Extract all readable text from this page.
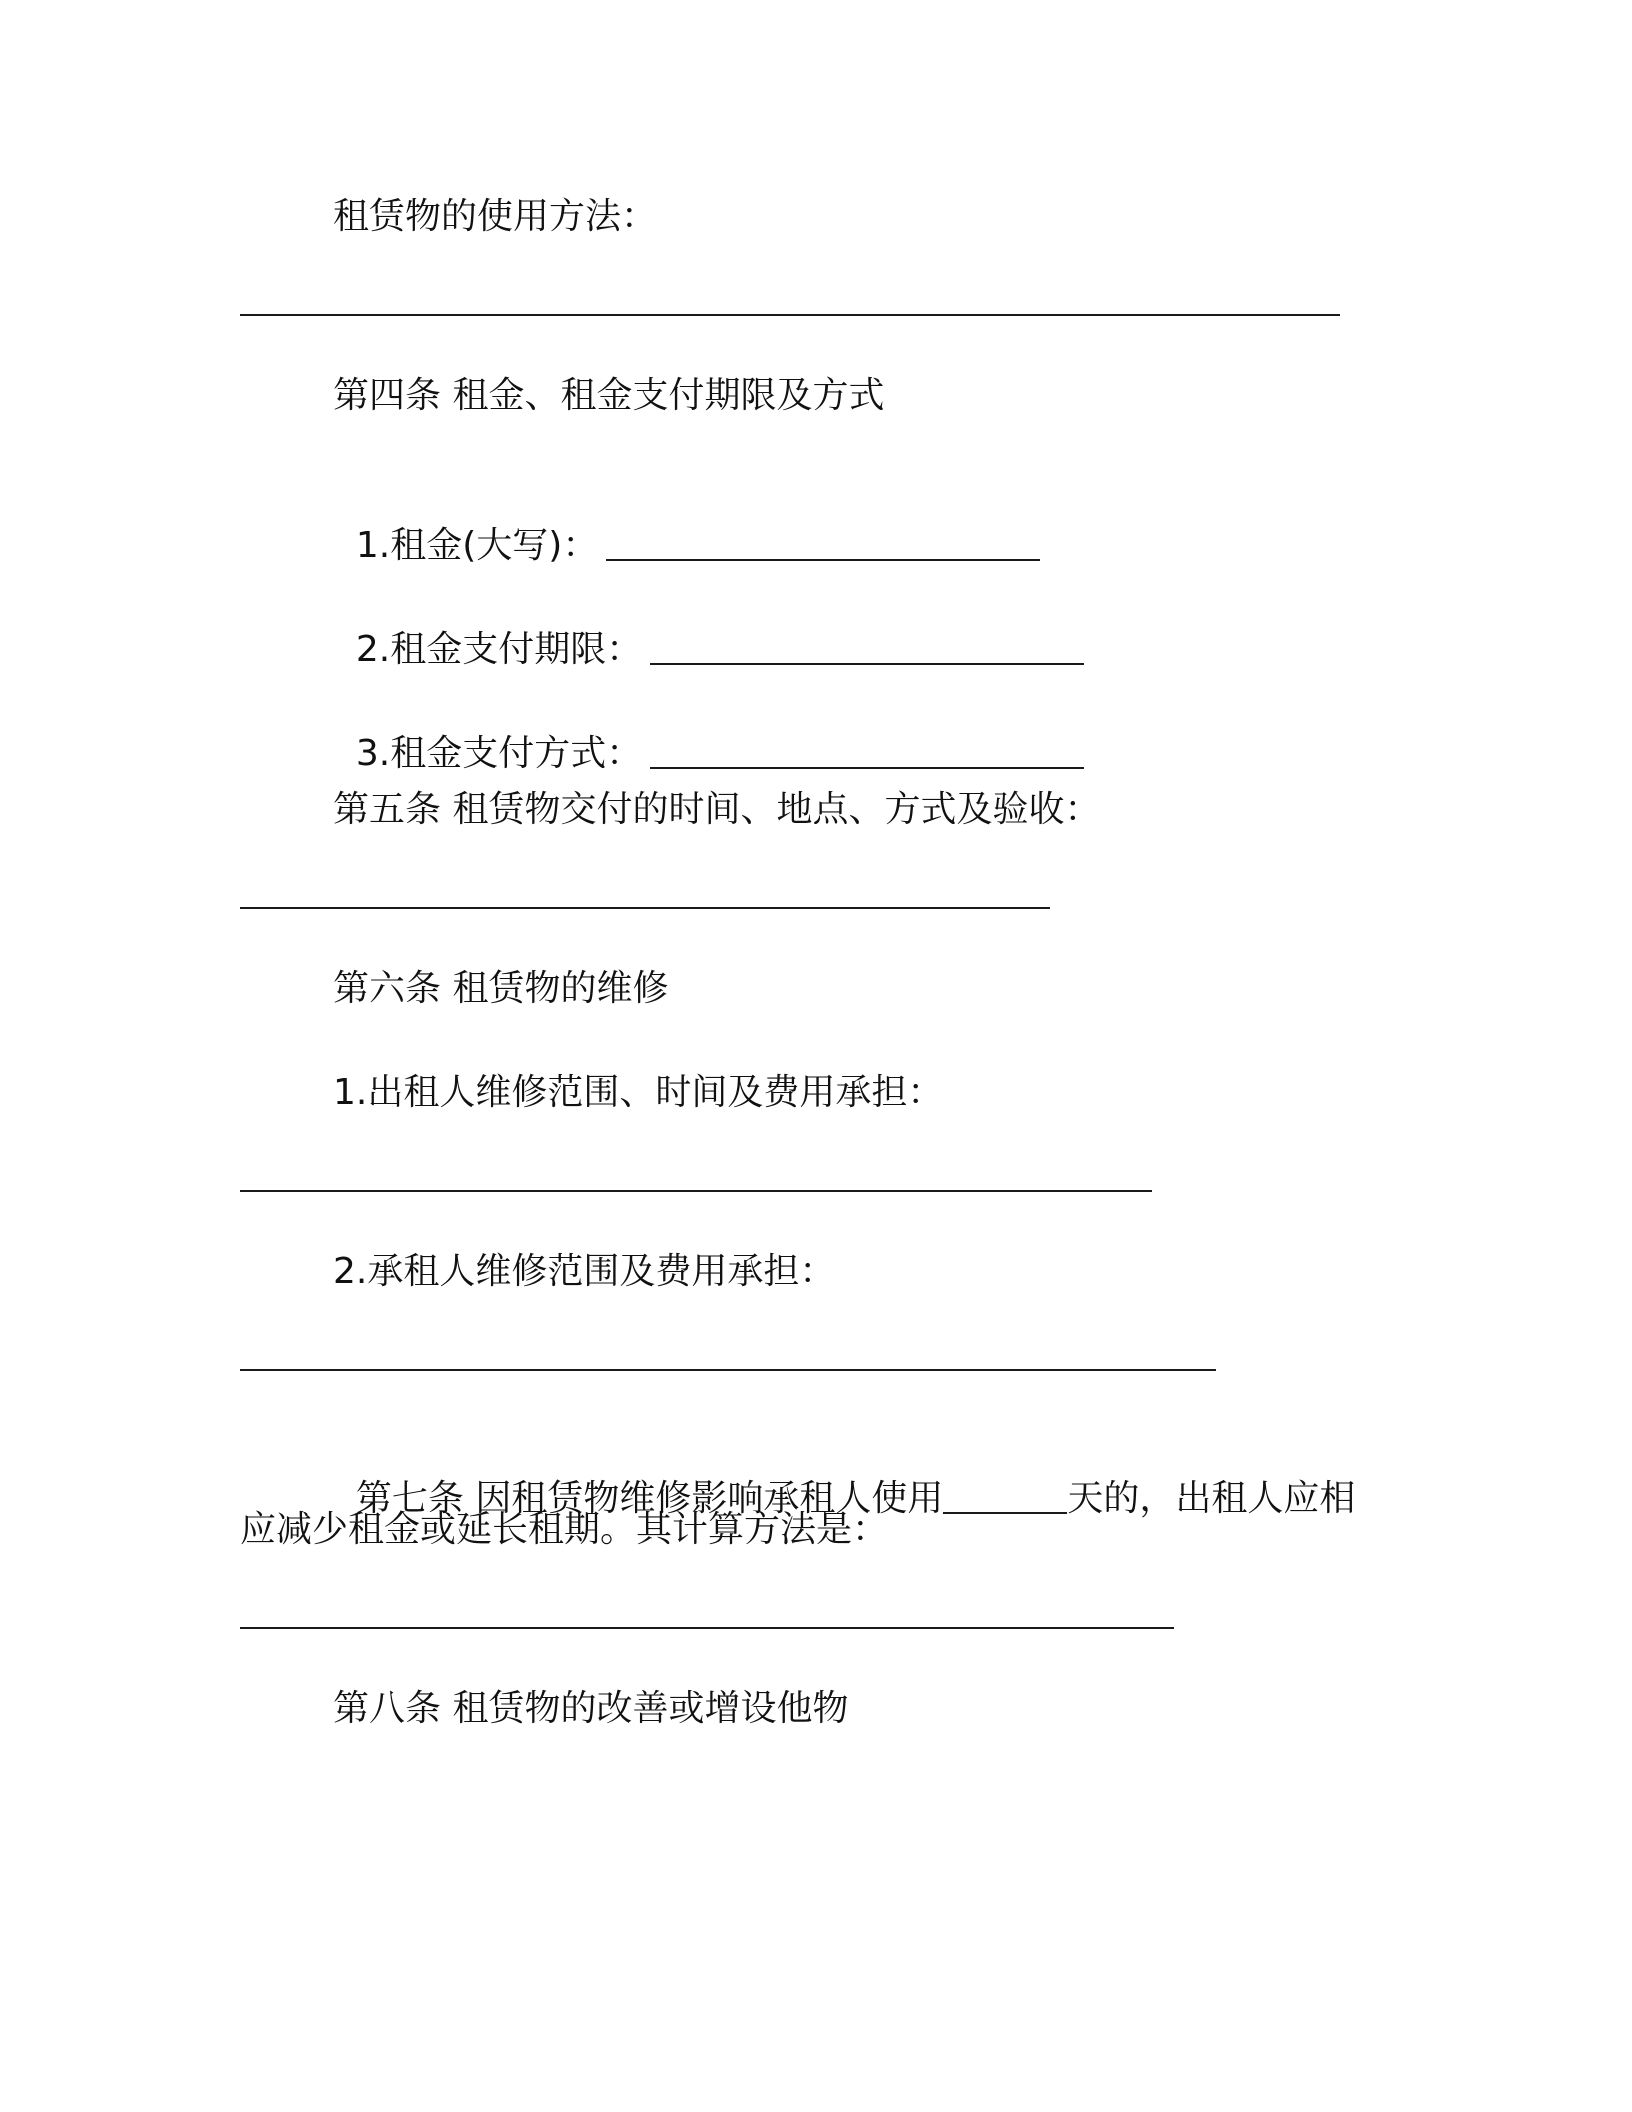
租赁物的使用方法：
第四条 租金、租金支付期限及方式

1.租金(大写)：

2.租金支付期限：

3.租金支付方式：

第五条 租赁物交付的时间、地点、方式及验收：
第六条 租赁物的维修
1.出租人维修范围、时间及费用承担：
2.承租人维修范围及费用承担：

第七条 因租赁物维修影响承租人使用	天的，出租人应相

应减少租金或延长租期。其计算方法是：
第八条 租赁物的改善或增设他物
